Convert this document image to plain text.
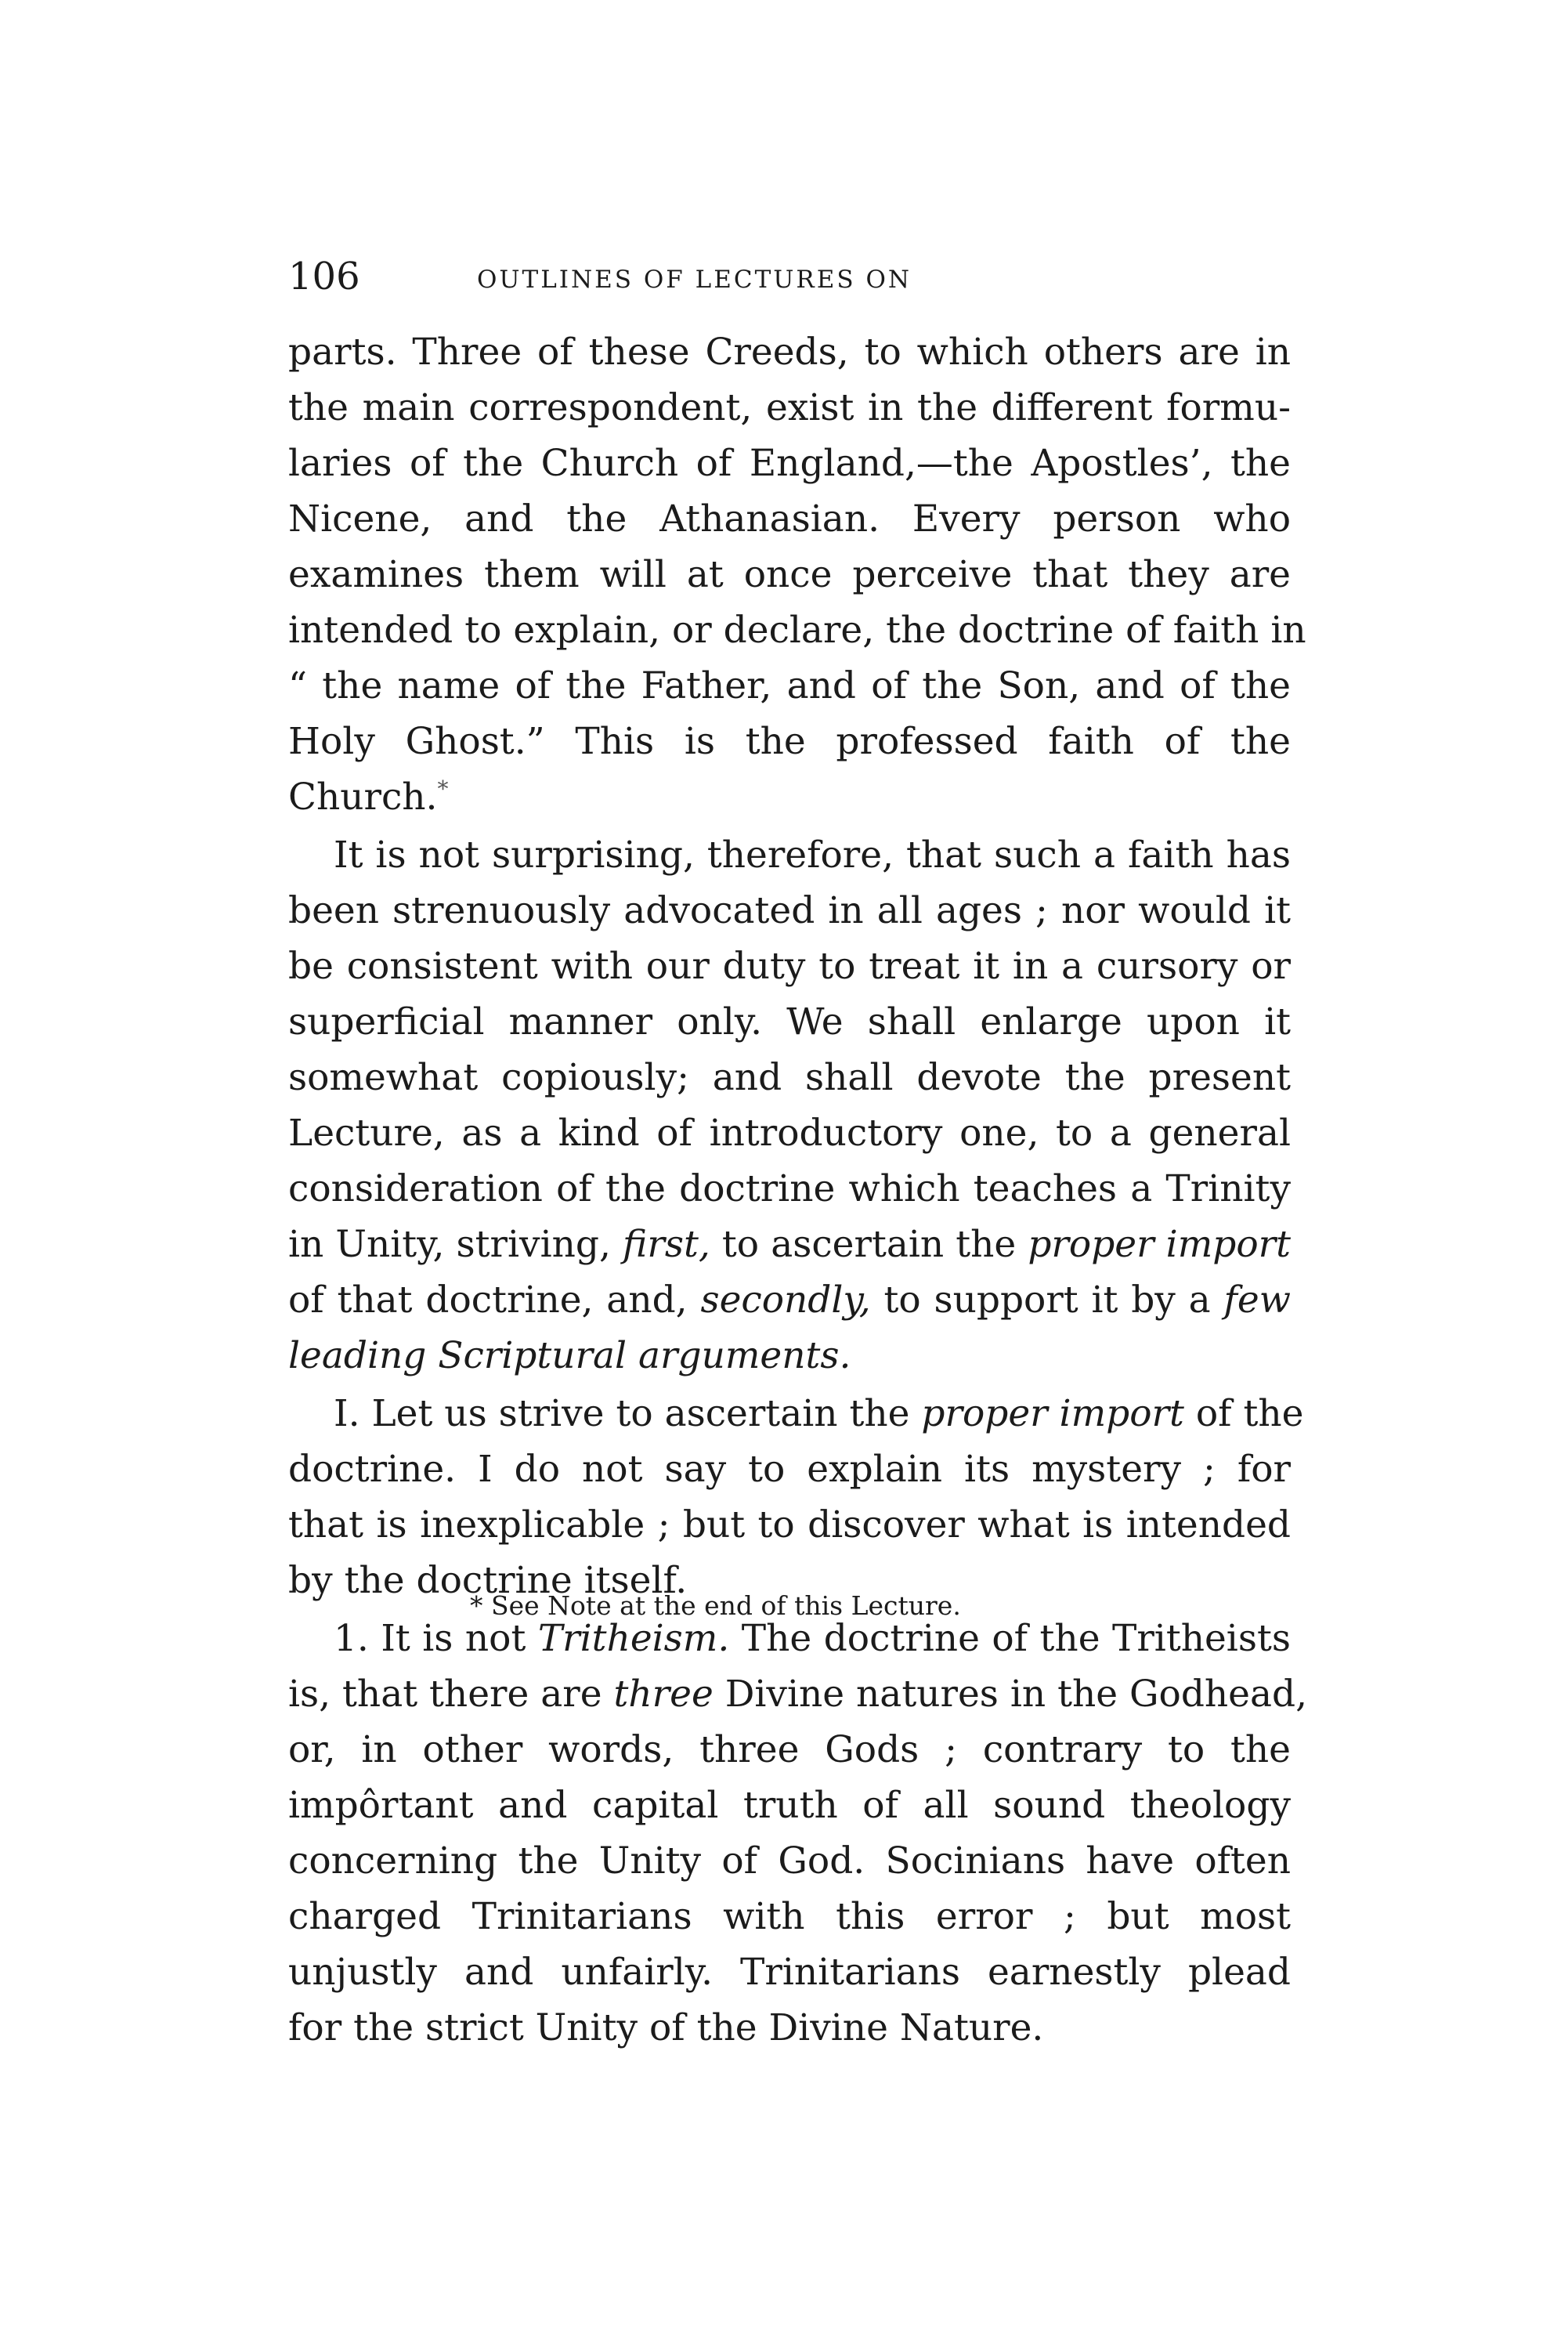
106	OUTLINES OF LECTURES ON
parts. Three of these Creeds, to which others are in
the main correspondent, exist in the different formu-
laries of the Church of England,—the Apostles’, the
Nicene, and the Athanasian. Every person who
examines them will at once perceive that they are
intended to explain, or declare, the doctrine of faith in
“ the name of the Father, and of the Son, and of the
Holy Ghost.” This is the professed faith of the
Church.*
It is not surprising, therefore, that such a faith has
been strenuously advocated in all ages ; nor would it
be consistent with our duty to treat it in a cursory or
superficial manner only. We shall enlarge upon it
somewhat copiously; and shall devote the present
Lecture, as a kind of introductory one, to a general
consideration of the doctrine which teaches a Trinity
in Unity, striving, first, to ascertain the proper import
of that doctrine, and, secondly, to support it by a few
leading Scriptural arguments.
I. Let us strive to ascertain the proper import of the
doctrine. I do not say to explain its mystery ; for
that is inexplicable ; but to discover what is intended
by the doctrine itself.
1. It is not Tritheism. The doctrine of the Tritheists
is, that there are three Divine natures in the Godhead,
or, in other words, three Gods ; contrary to the
impôrtant and capital truth of all sound theology
concerning the Unity of God. Socinians have often
charged Trinitarians with this error ; but most
unjustly and unfairly. Trinitarians earnestly plead
for the strict Unity of the Divine Nature.
* See Note at the end of this Lecture.
